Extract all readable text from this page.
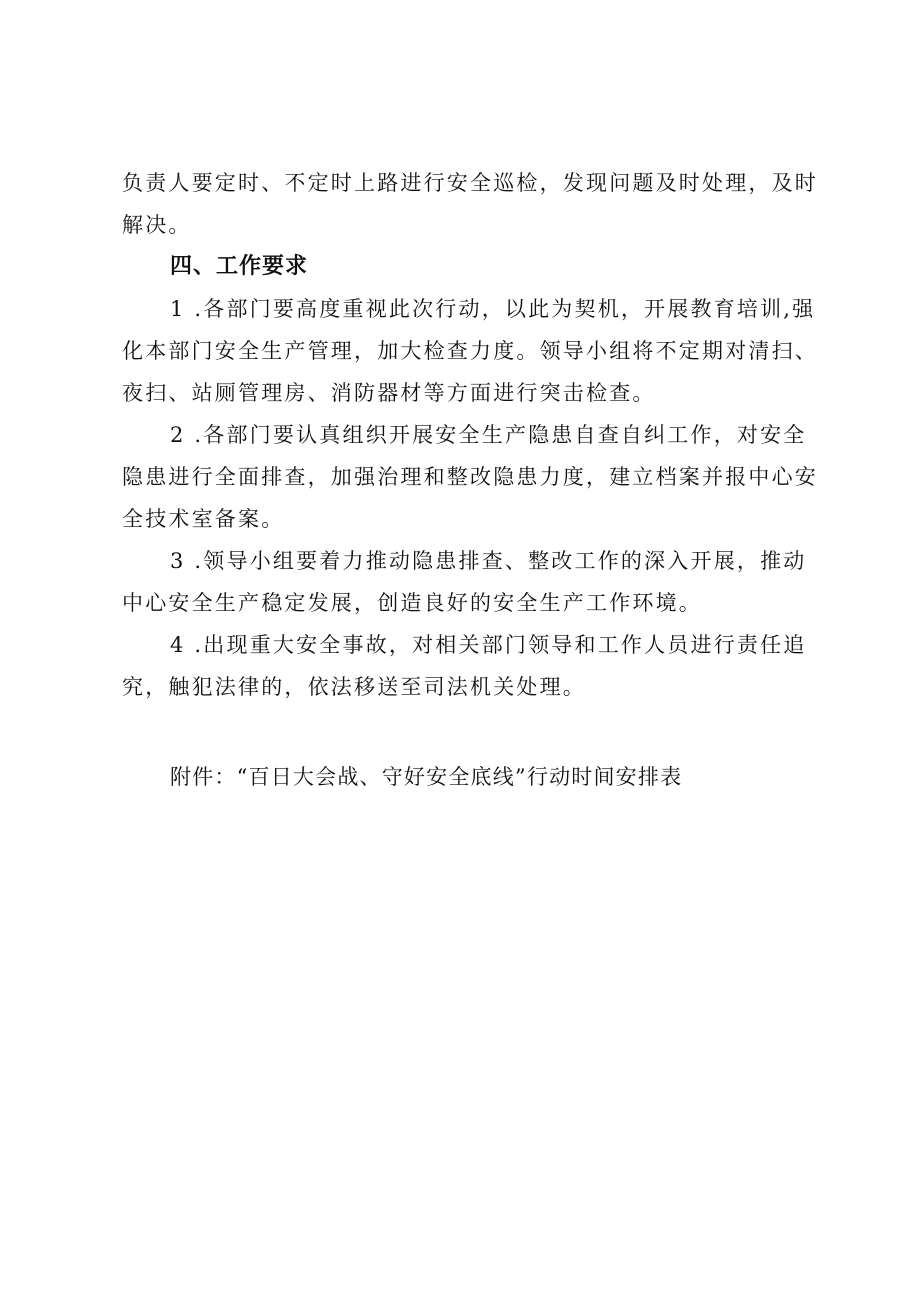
负责人要定时、不定时上路进行安全巡检，发现问题及时处理，及时
解决。
四、工作要求
1 .各部门要高度重视此次行动，以此为契机，开展教育培训,强
化本部门安全生产管理，加大检查力度。领导小组将不定期对清扫、
夜扫、站厕管理房、消防器材等方面进行突击检查。
2 .各部门要认真组织开展安全生产隐患自查自纠工作，对安全
隐患进行全面排查，加强治理和整改隐患力度，建立档案并报中心安
全技术室备案。
3 .领导小组要着力推动隐患排查、整改工作的深入开展，推动
中心安全生产稳定发展，创造良好的安全生产工作环境。
4 .出现重大安全事故，对相关部门领导和工作人员进行责任追
究，触犯法律的，依法移送至司法机关处理。
附件：“百日大会战、守好安全底线”行动时间安排表
